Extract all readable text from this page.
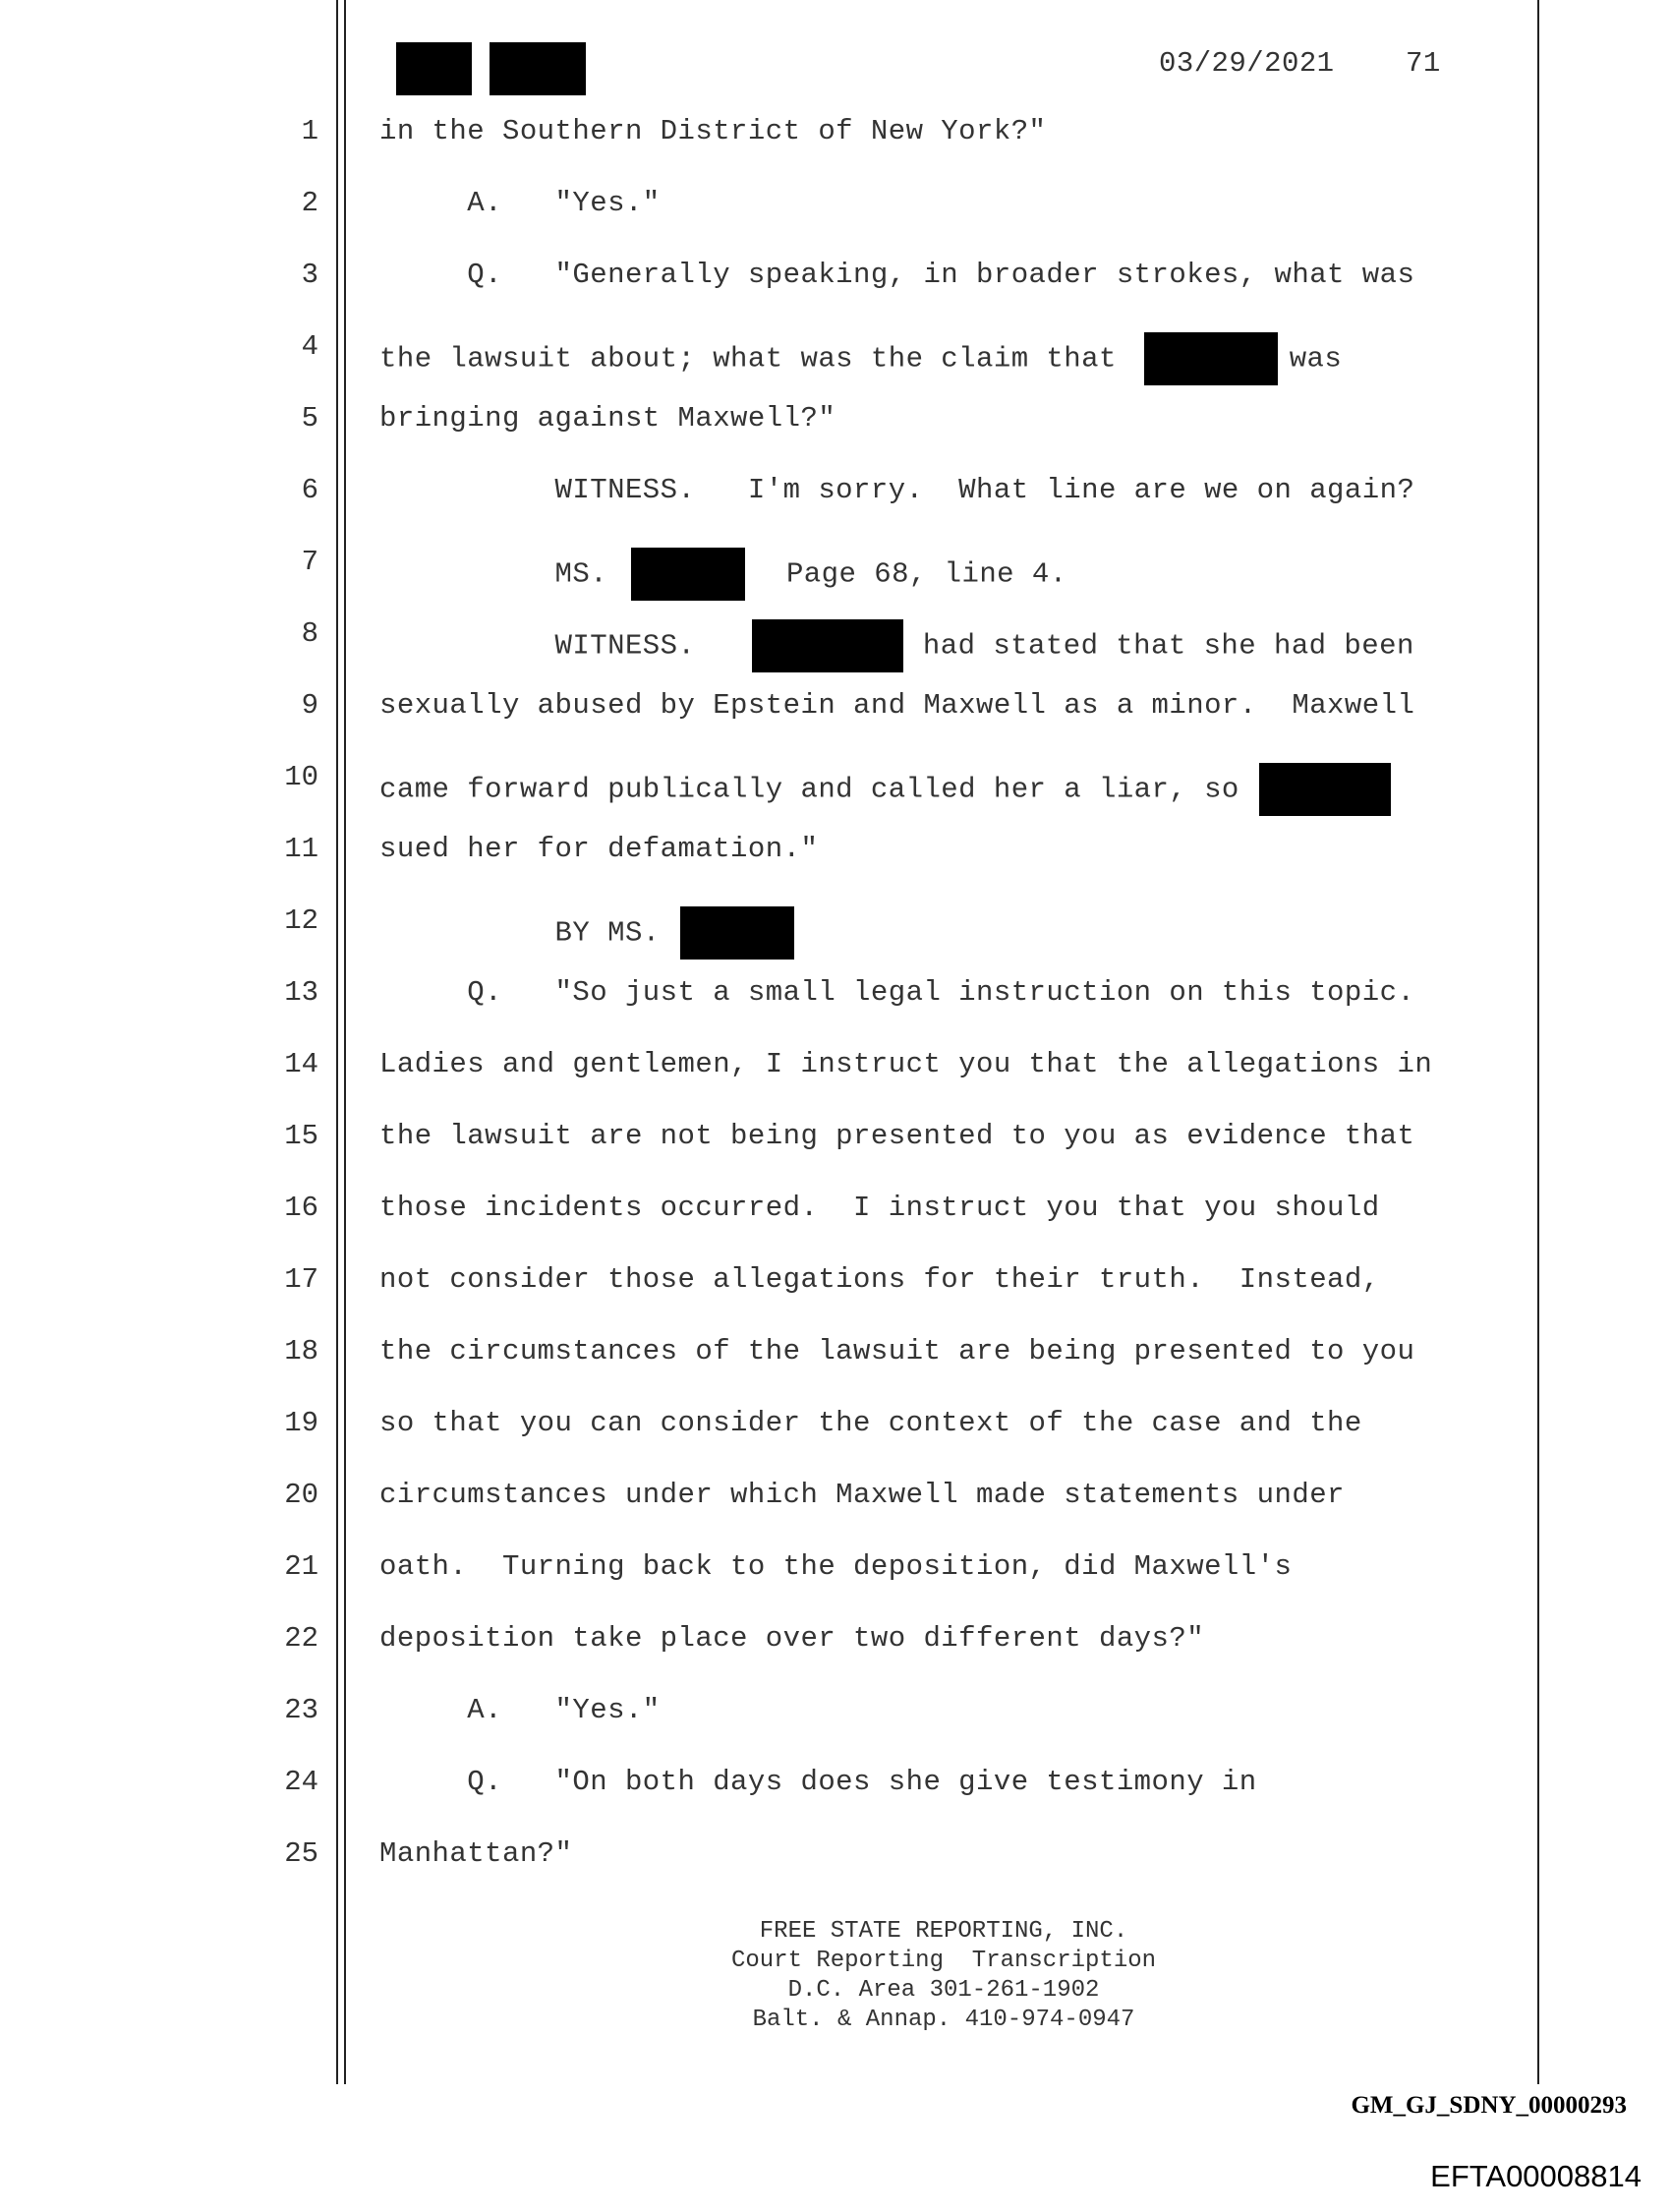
03/29/2021 71
1
2
3
4
5
6
7
8
9
10
11
12
13
14
15
16
17
18
19
20
21
22
23
24
25
in the Southern District of New York?"
A.   "Yes."
Q.   "Generally speaking, in broader strokes, what was
the lawsuit about; what was the claim that	was
bringing against Maxwell?"
WITNESS.   I'm sorry.  What line are we on again?
MS.	Page 68, line 4.
WITNESS.	had stated that she had been
sexually abused by Epstein and Maxwell as a minor.  Maxwell
came forward publically and called her a liar, so
sued her for defamation."
BY MS.
Q.   "So just a small legal instruction on this topic.
Ladies and gentlemen, I instruct you that the allegations in
the lawsuit are not being presented to you as evidence that
those incidents occurred.  I instruct you that you should
not consider those allegations for their truth.  Instead,
the circumstances of the lawsuit are being presented to you
so that you can consider the context of the case and the
circumstances under which Maxwell made statements under
oath.  Turning back to the deposition, did Maxwell's
deposition take place over two different days?"
A.   "Yes."
Q.   "On both days does she give testimony in
Manhattan?"
FREE STATE REPORTING, INC.
Court Reporting  Transcription
D.C. Area 301-261-1902
Balt. & Annap. 410-974-0947
GM_GJ_SDNY_00000293
EFTA00008814
